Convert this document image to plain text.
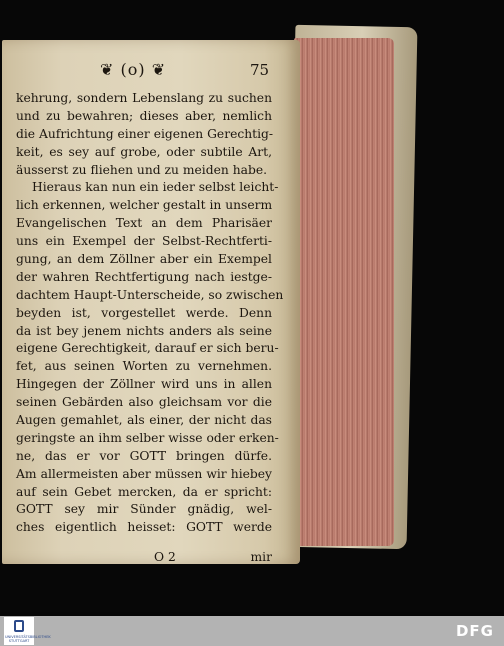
❦ (o) ❦	75
kehrung, sondern Lebenslang zu suchen
und zu bewahren; dieses aber, nemlich
die Aufrichtung einer eigenen Gerechtig-
keit, es sey auf grobe, oder subtile Art,
äusserst zu fliehen und zu meiden habe.
Hieraus kan nun ein ieder selbst leicht-
lich erkennen, welcher gestalt in unserm
Evangelischen Text an dem Pharisäer
uns ein Exempel der Selbst-Rechtferti-
gung, an dem Zöllner aber ein Exempel
der wahren Rechtfertigung nach iestge-
dachtem Haupt-Unterscheide, so zwischen
beyden ist, vorgestellet werde. Denn
da ist bey jenem nichts anders als seine
eigene Gerechtigkeit, darauf er sich beru-
fet, aus seinen Worten zu vernehmen.
Hingegen der Zöllner wird uns in allen
seinen Gebärden also gleichsam vor die
Augen gemahlet, als einer, der nicht das
geringste an ihm selber wisse oder erken-
ne, das er vor GOTT bringen dürfe.
Am allermeisten aber müssen wir hiebey
auf sein Gebet mercken, da er spricht:
GOTT sey mir Sünder gnädig, wel-
ches eigentlich heisset: GOTT werde
O 2	mir
UNIVERSITÄTSBIBLIOTHEK STUTTGART
DFG
